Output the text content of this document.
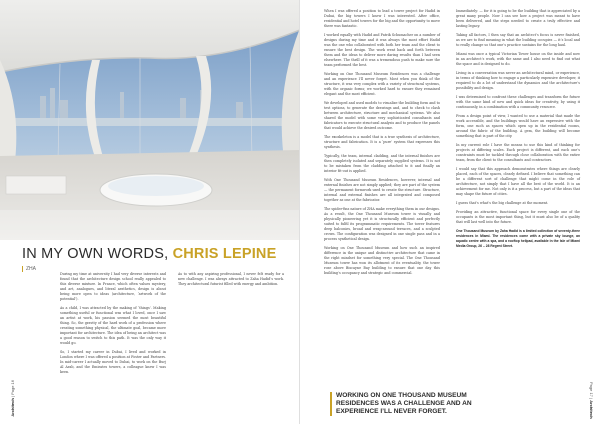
IN MY OWN WORDS, CHRIS LEPINE
ZHA

During my time at university I had very diverse interests and found that the architecture design school really appealed to this diverse mixture. In France, which often values mystery, and art, analogues, and literal aesthetics, design is about being more open to ideas (architecture, ‘artwork of the potential’).

As a child, I was attracted by the making of ‘things’. Making something useful or functional was what I loved, once I saw an artist at work, his passion seemed the most beautiful thing. So, the gravity of the hard work of a profession where creating something physical, the ultimate goal, became more important for architecture. The idea of being an architect was a good reason to switch to this path. It was the only way it would go.

So, I started my career in Dubai, I lived and worked in London where I was offered a position at Foster and Partners. In mid-career I actually moved to Dubai, to work on the Burj Al Arab, and the Emirates towers, a colleague knew I was keen.

As to with any aspiring professional, I never felt ready for a new challenge. I was always attracted to Zaha Hadid’s work. They architectural futurist filled with energy and ambition.

Architech | Page 16

When I was offered a position to lead a tower project for Hadid in Dubai, the big towers I knew I was interested. After office, residential and hotel towers for the big and the opportunity to move there was fantastic.

I worked equally with Hadid and Patrik Schumacher on a number of designs during my time and it was always the most effort Hadid was the one who collaborated with both her team and the client to ensure the best design. The work went back and forth between them and the ideas to deliver more daring results than I had seen elsewhere. The thrill of it was a tremendous push to make sure the team performed the best.

Working on One Thousand Museum Residences was a challenge and an experience I’ll never forget. Most when you think of the structure, it was very complex with a variety of structural systems, with the organic forms; we worked hard to ensure they remained elegant and the most efficient.

We developed and used models to visualize the building form and to test options, to generate the drawings and, and to check to clash between architecture, structure and mechanical systems. We also shared the model with some very sophisticated consultants and fabricators to execute structural analysis and to produce the panels that would achieve the desired outcome.

The exoskeleton is a model that is a true synthesis of architecture, structure and fabrication. It is a ‘pure’ system that expresses this synthesis.

Typically, the team, internal cladding, and the internal finishes are then completely isolated and separately supplied systems. It is not to be mistaken from the cladding attached to it and finally an interior fit-out is applied.

With One Thousand Museum Residences, however, internal and external finishes are not simply applied; they are part of the system — the permanent formwork used to create the structure. Structure, internal and external finishes are all integrated and composed together as one at the fabricator.

The spider-fins nature of ZHA make everything them in our designs. As a result, the One Thousand Museum tower is visually and physically pioneering yet it is structurally efficient and perfectly suited to fulfil its programmatic requirements. The tower features deep balconies, broad and wrap-around terraces, and a sculpted crown. The configuration was designed in one single pass and in a process synthetical design.

Working on One Thousand Museum and how such an inspired difference in the unique and distinctive architecture that came in the right mindset for something very special. The One Thousand Museum tower has won its allotment of its eventuality, the tower rose above Biscayne Bay building to ensure that one day this building’s occupancy and strategic and commercial.

Immediately: — for it is going to be the building that is appreciated by a great many people. Now I can see how a project was meant to have been delivered, and the steps needed to create a truly effective and lasting legacy.

Taking all factors, I then say that an architect’s focus is never finished, as we are to find meaning in what the building occupies — it’s local and to really change so that one’s practice sustains for the long haul.

Miami was once a typical Victorian Tower house on the inside and now in an architect’s work, with the same and I also need to find out what the space and is designed to do.

Living in a conversation was never an architectural mind, or experience, in terms of thinking how to engage a particularly expensive developer, it required to do a lot of understand the dynamics and the architecture’s possibility and design.

I was determined to confront these challenges and transform the future with the same kind of new and quick ideas for creativity, by using it continuously, in a combination with a community resource.

From a design point of view, I wanted to use a material that made the work accessible, and the buildings would have an expressive with the form, one such as spaces which open up in the residential rooms, around the fabric of the building. A gem, the building will become something that is part of the city.

In my current role I have the means to use this kind of thinking for projects at differing scales. Each project is different, and each one’s constraints must be tackled through close collaboration with the entire team, from the client to the consultants and contractors.

I would say that this approach demonstrates where things are clearly placed, each of the spaces, clearly defined. I believe that something can be a different sort of challenge that might come in the role of architecture, not simply that I have all the best of the world. It is an achievement for me. Not only is it a process, but a part of the ideas that may shape the future of cities.

I guess that’s what’s the big challenge at the moment.

Providing an attractive, functional space for every single one of the occupants is the most important thing, but it must also be of a quality that will last well into the future.

One Thousand Museum by Zaha Hadid is a limited collection of seventy-three residences in Miami. The residences come with a private sky lounge, an aquatic centre with a spa, and a rooftop helipad, available in the Isle of Miami Media Group, 26 – 28 Regent Street.

Page 17 | Architech
WORKING ON ONE THOUSAND MUSEUM RESIDENCES WAS A CHALLENGE AND AN EXPERIENCE I’LL NEVER FORGET.
